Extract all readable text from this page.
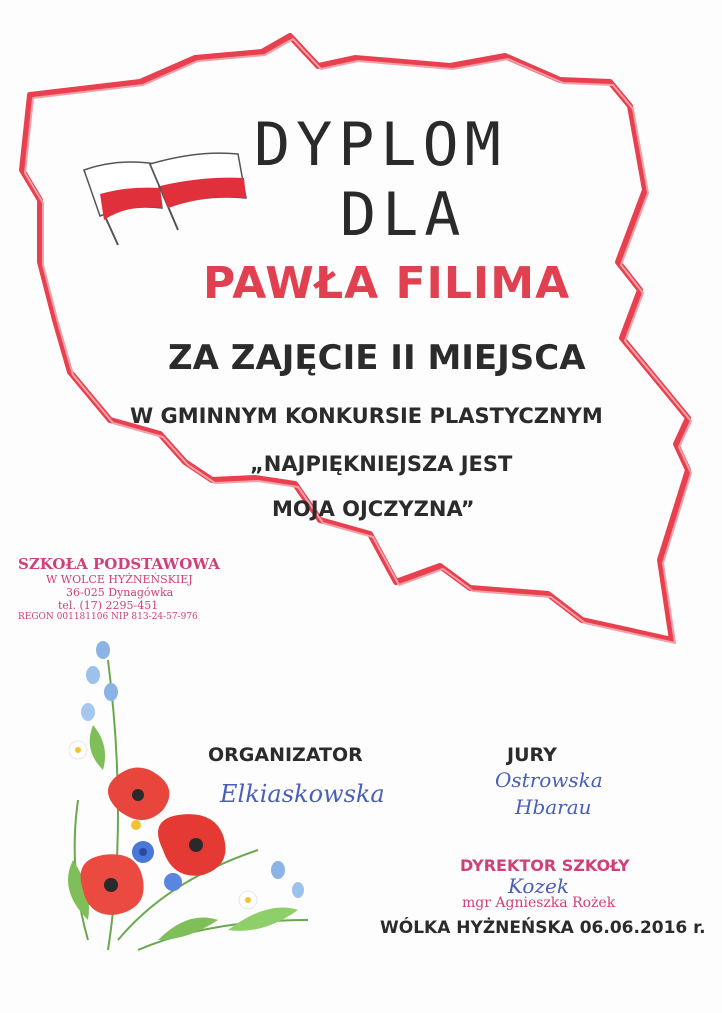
DYPLOM
DLA
PAWŁA FILIMA
ZA ZAJĘCIE II MIEJSCA
W GMINNYM KONKURSIE PLASTYCZNYM
„NAJPIĘKNIEJSZA JEST
MOJA OJCZYZNA”
SZKOŁA PODSTAWOWA
W WOLCE HYŻNEŃSKIEJ
36-025 Dynagówka
tel. (17) 2295-451
REGON 001181106 NIP 813-24-57-976
ORGANIZATOR
Elkiaskowska
JURY
Ostrowska
Hbarau
DYREKTOR SZKOŁY
Kozek
mgr Agnieszka Rożek
WÓLKA HYŻNEŃSKA 06.06.2016 r.
